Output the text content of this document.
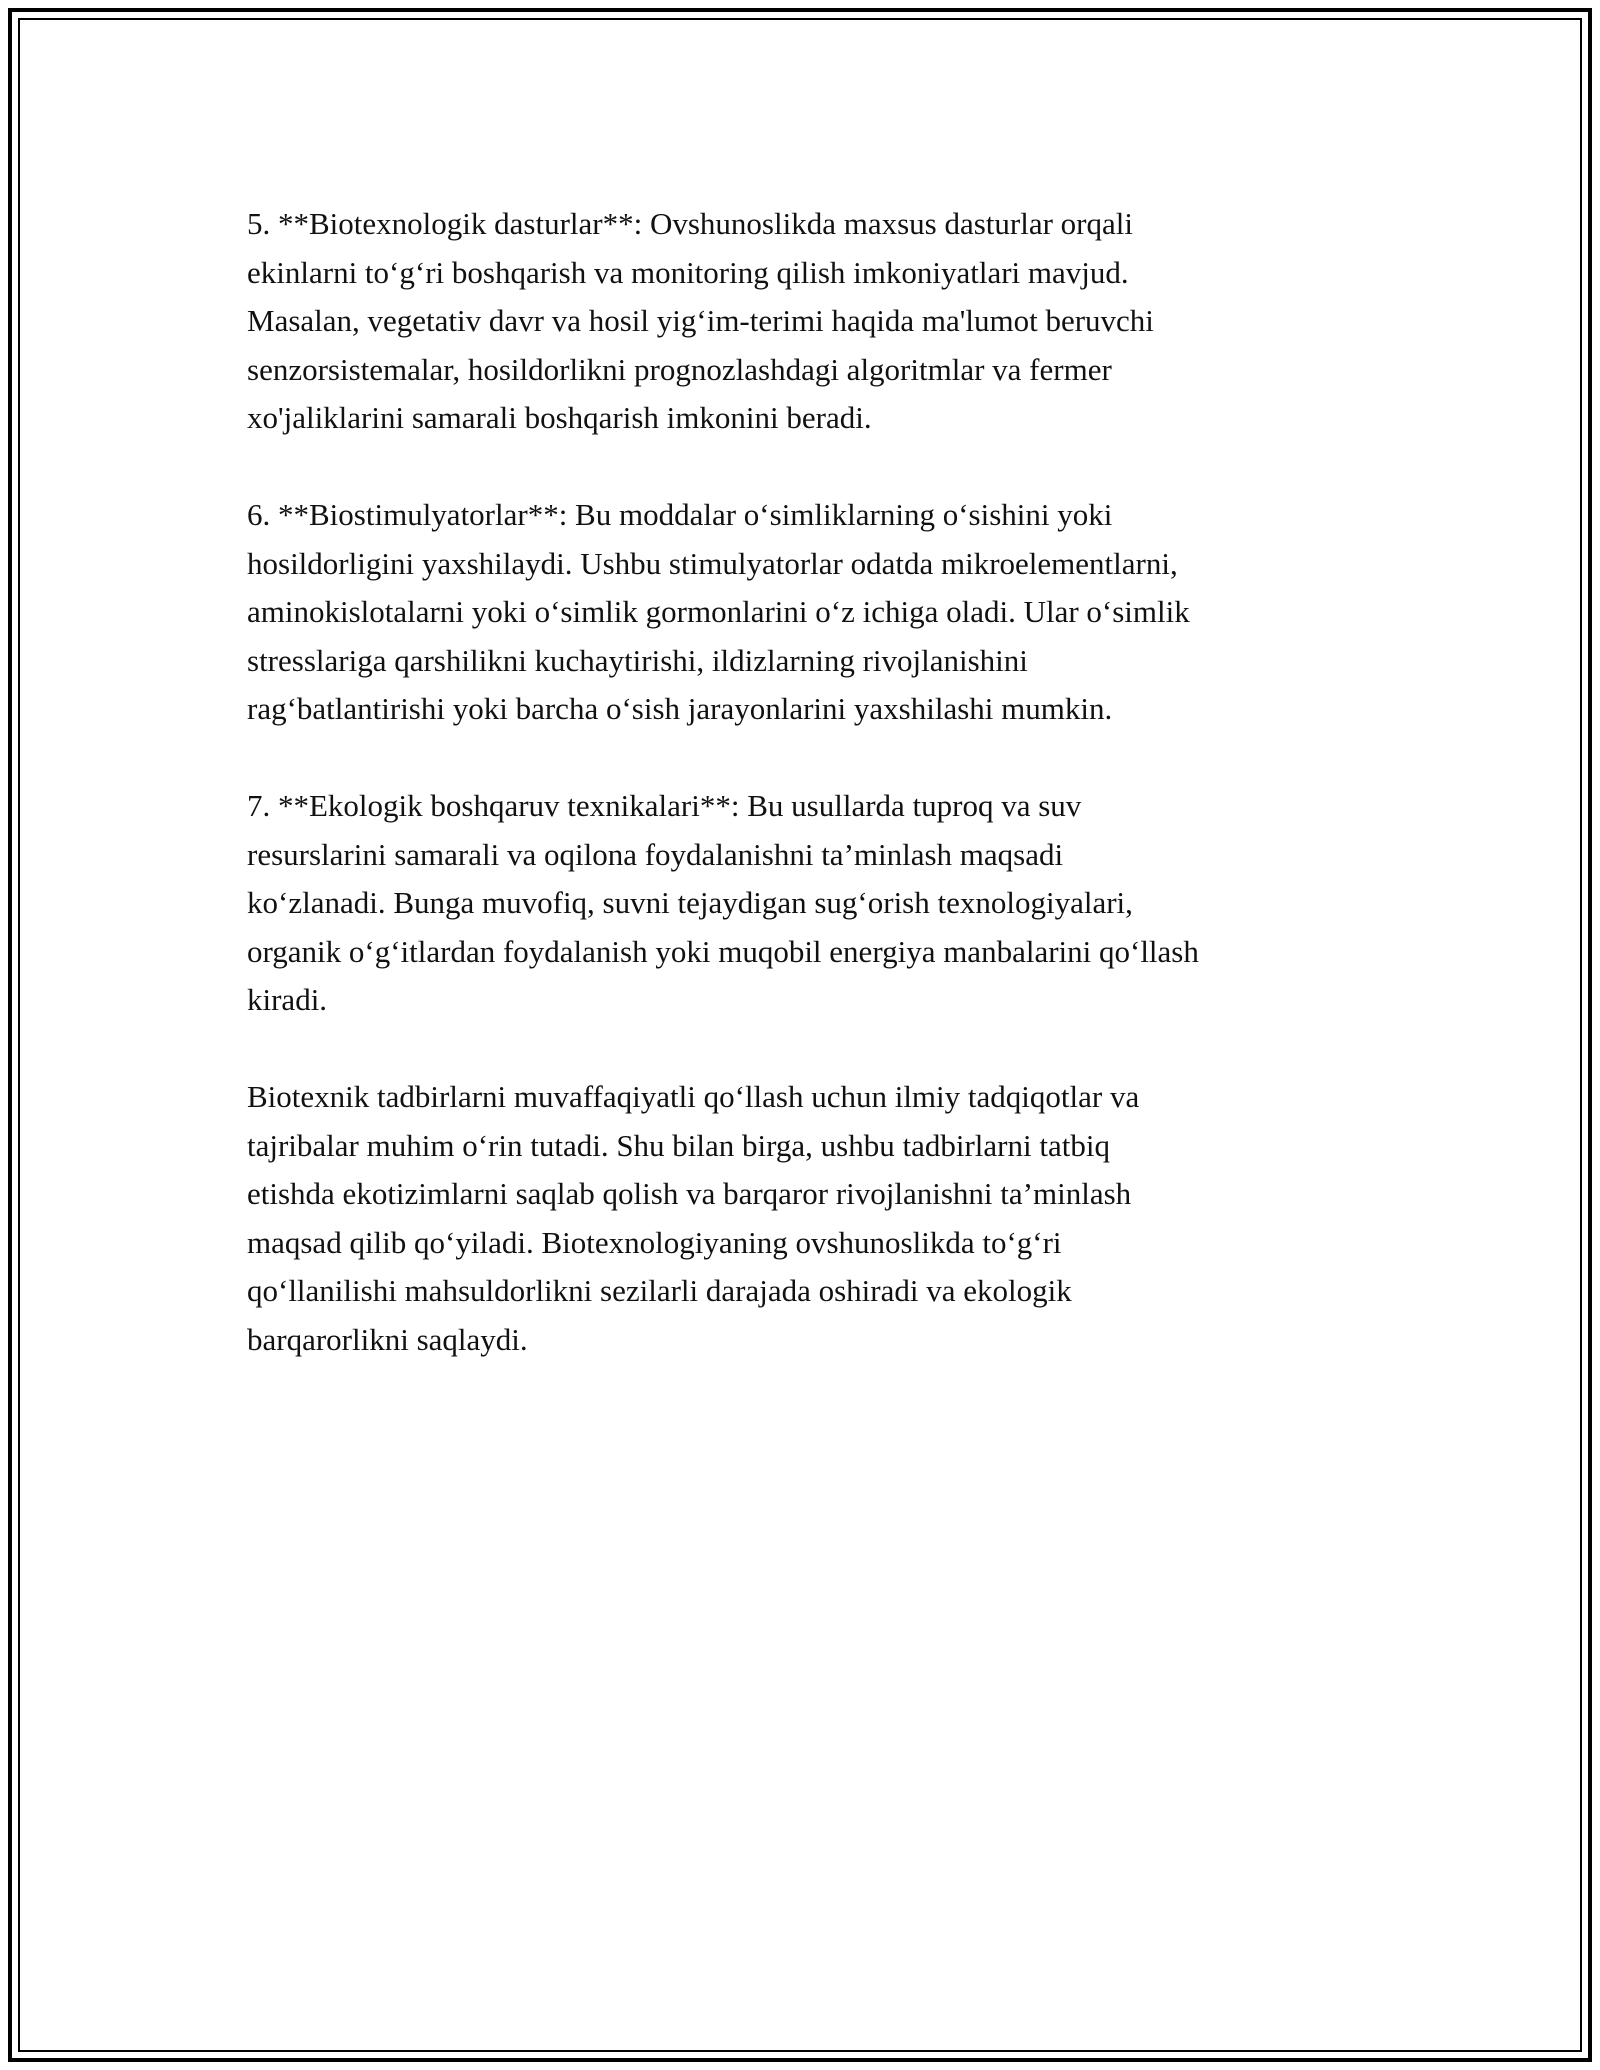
5. **Biotexnologik dasturlar**: Ovshunoslikda maxsus dasturlar orqali
ekinlarni to‘g‘ri boshqarish va monitoring qilish imkoniyatlari mavjud.
Masalan, vegetativ davr va hosil yig‘im-terimi haqida ma'lumot beruvchi
senzorsistemalar, hosildorlikni prognozlashdagi algoritmlar va fermer
xo'jaliklarini samarali boshqarish imkonini beradi.

6. **Biostimulyatorlar**: Bu moddalar o‘simliklarning o‘sishini yoki
hosildorligini yaxshilaydi. Ushbu stimulyatorlar odatda mikroelementlarni,
aminokislotalarni yoki o‘simlik gormonlarini o‘z ichiga oladi. Ular o‘simlik
stresslariga qarshilikni kuchaytirishi, ildizlarning rivojlanishini
rag‘batlantirishi yoki barcha o‘sish jarayonlarini yaxshilashi mumkin.

7. **Ekologik boshqaruv texnikalari**: Bu usullarda tuproq va suv
resurslarini samarali va oqilona foydalanishni ta’minlash maqsadi
ko‘zlanadi. Bunga muvofiq, suvni tejaydigan sug‘orish texnologiyalari,
organik o‘g‘itlardan foydalanish yoki muqobil energiya manbalarini qo‘llash
kiradi.

Biotexnik tadbirlarni muvaffaqiyatli qo‘llash uchun ilmiy tadqiqotlar va
tajribalar muhim o‘rin tutadi. Shu bilan birga, ushbu tadbirlarni tatbiq
etishda ekotizimlarni saqlab qolish va barqaror rivojlanishni ta’minlash
maqsad qilib qo‘yiladi. Biotexnologiyaning ovshunoslikda to‘g‘ri
qo‘llanilishi mahsuldorlikni sezilarli darajada oshiradi va ekologik
barqarorlikni saqlaydi.
